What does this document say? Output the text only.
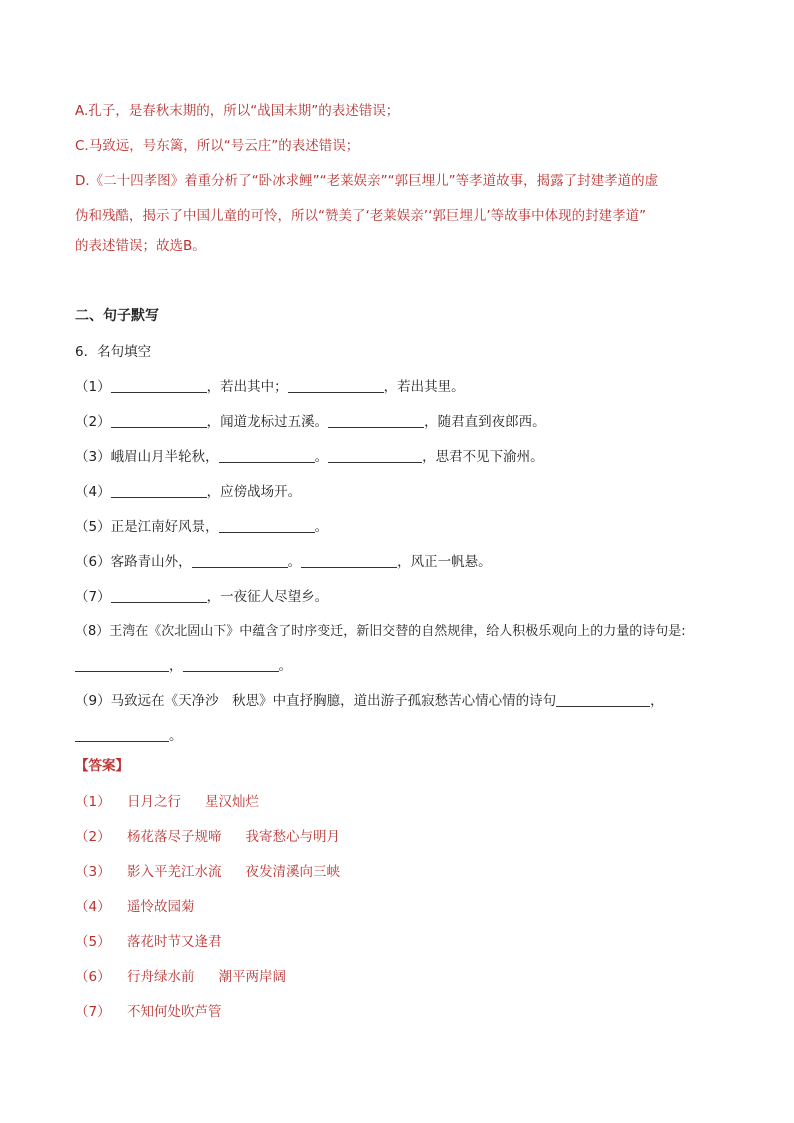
A.孔子，是春秋末期的，所以“战国末期”的表述错误；
C.马致远，号东篱，所以“号云庄”的表述错误；
D.《二十四孝图》着重分析了“卧冰求鲤”“老莱娱亲”“郭巨埋儿”等孝道故事，揭露了封建孝道的虚
伪和残酷，揭示了中国儿童的可怜，所以“赞美了‘老莱娱亲’‘郭巨埋儿’等故事中体现的封建孝道”
的表述错误；故选B。
二、句子默写
6．名句填空
（1）	，若出其中；	，若出其里。
（2）	，闻道龙标过五溪。	，随君直到夜郎西。
（3）峨眉山月半轮秋，	。	，思君不见下渝州。
（4）	，应傍战场开。
（5）正是江南好风景，	。
（6）客路青山外，	。	，风正一帆悬。
（7）	，一夜征人尽望乡。
（8）王湾在《次北固山下》中蕴含了时序变迁，新旧交替的自然规律，给人积极乐观向上的力量的诗句是:
，	。
（9）马致远在《天净沙　秋思》中直抒胸臆，道出游子孤寂愁苦心情心情的诗句	，
。
【答案】
（1） 日月之行 星汉灿烂
（2） 杨花落尽子规啼 我寄愁心与明月
（3） 影入平羌江水流 夜发清溪向三峡
（4） 遥怜故园菊
（5） 落花时节又逢君
（6） 行舟绿水前 潮平两岸阔
（7） 不知何处吹芦管
